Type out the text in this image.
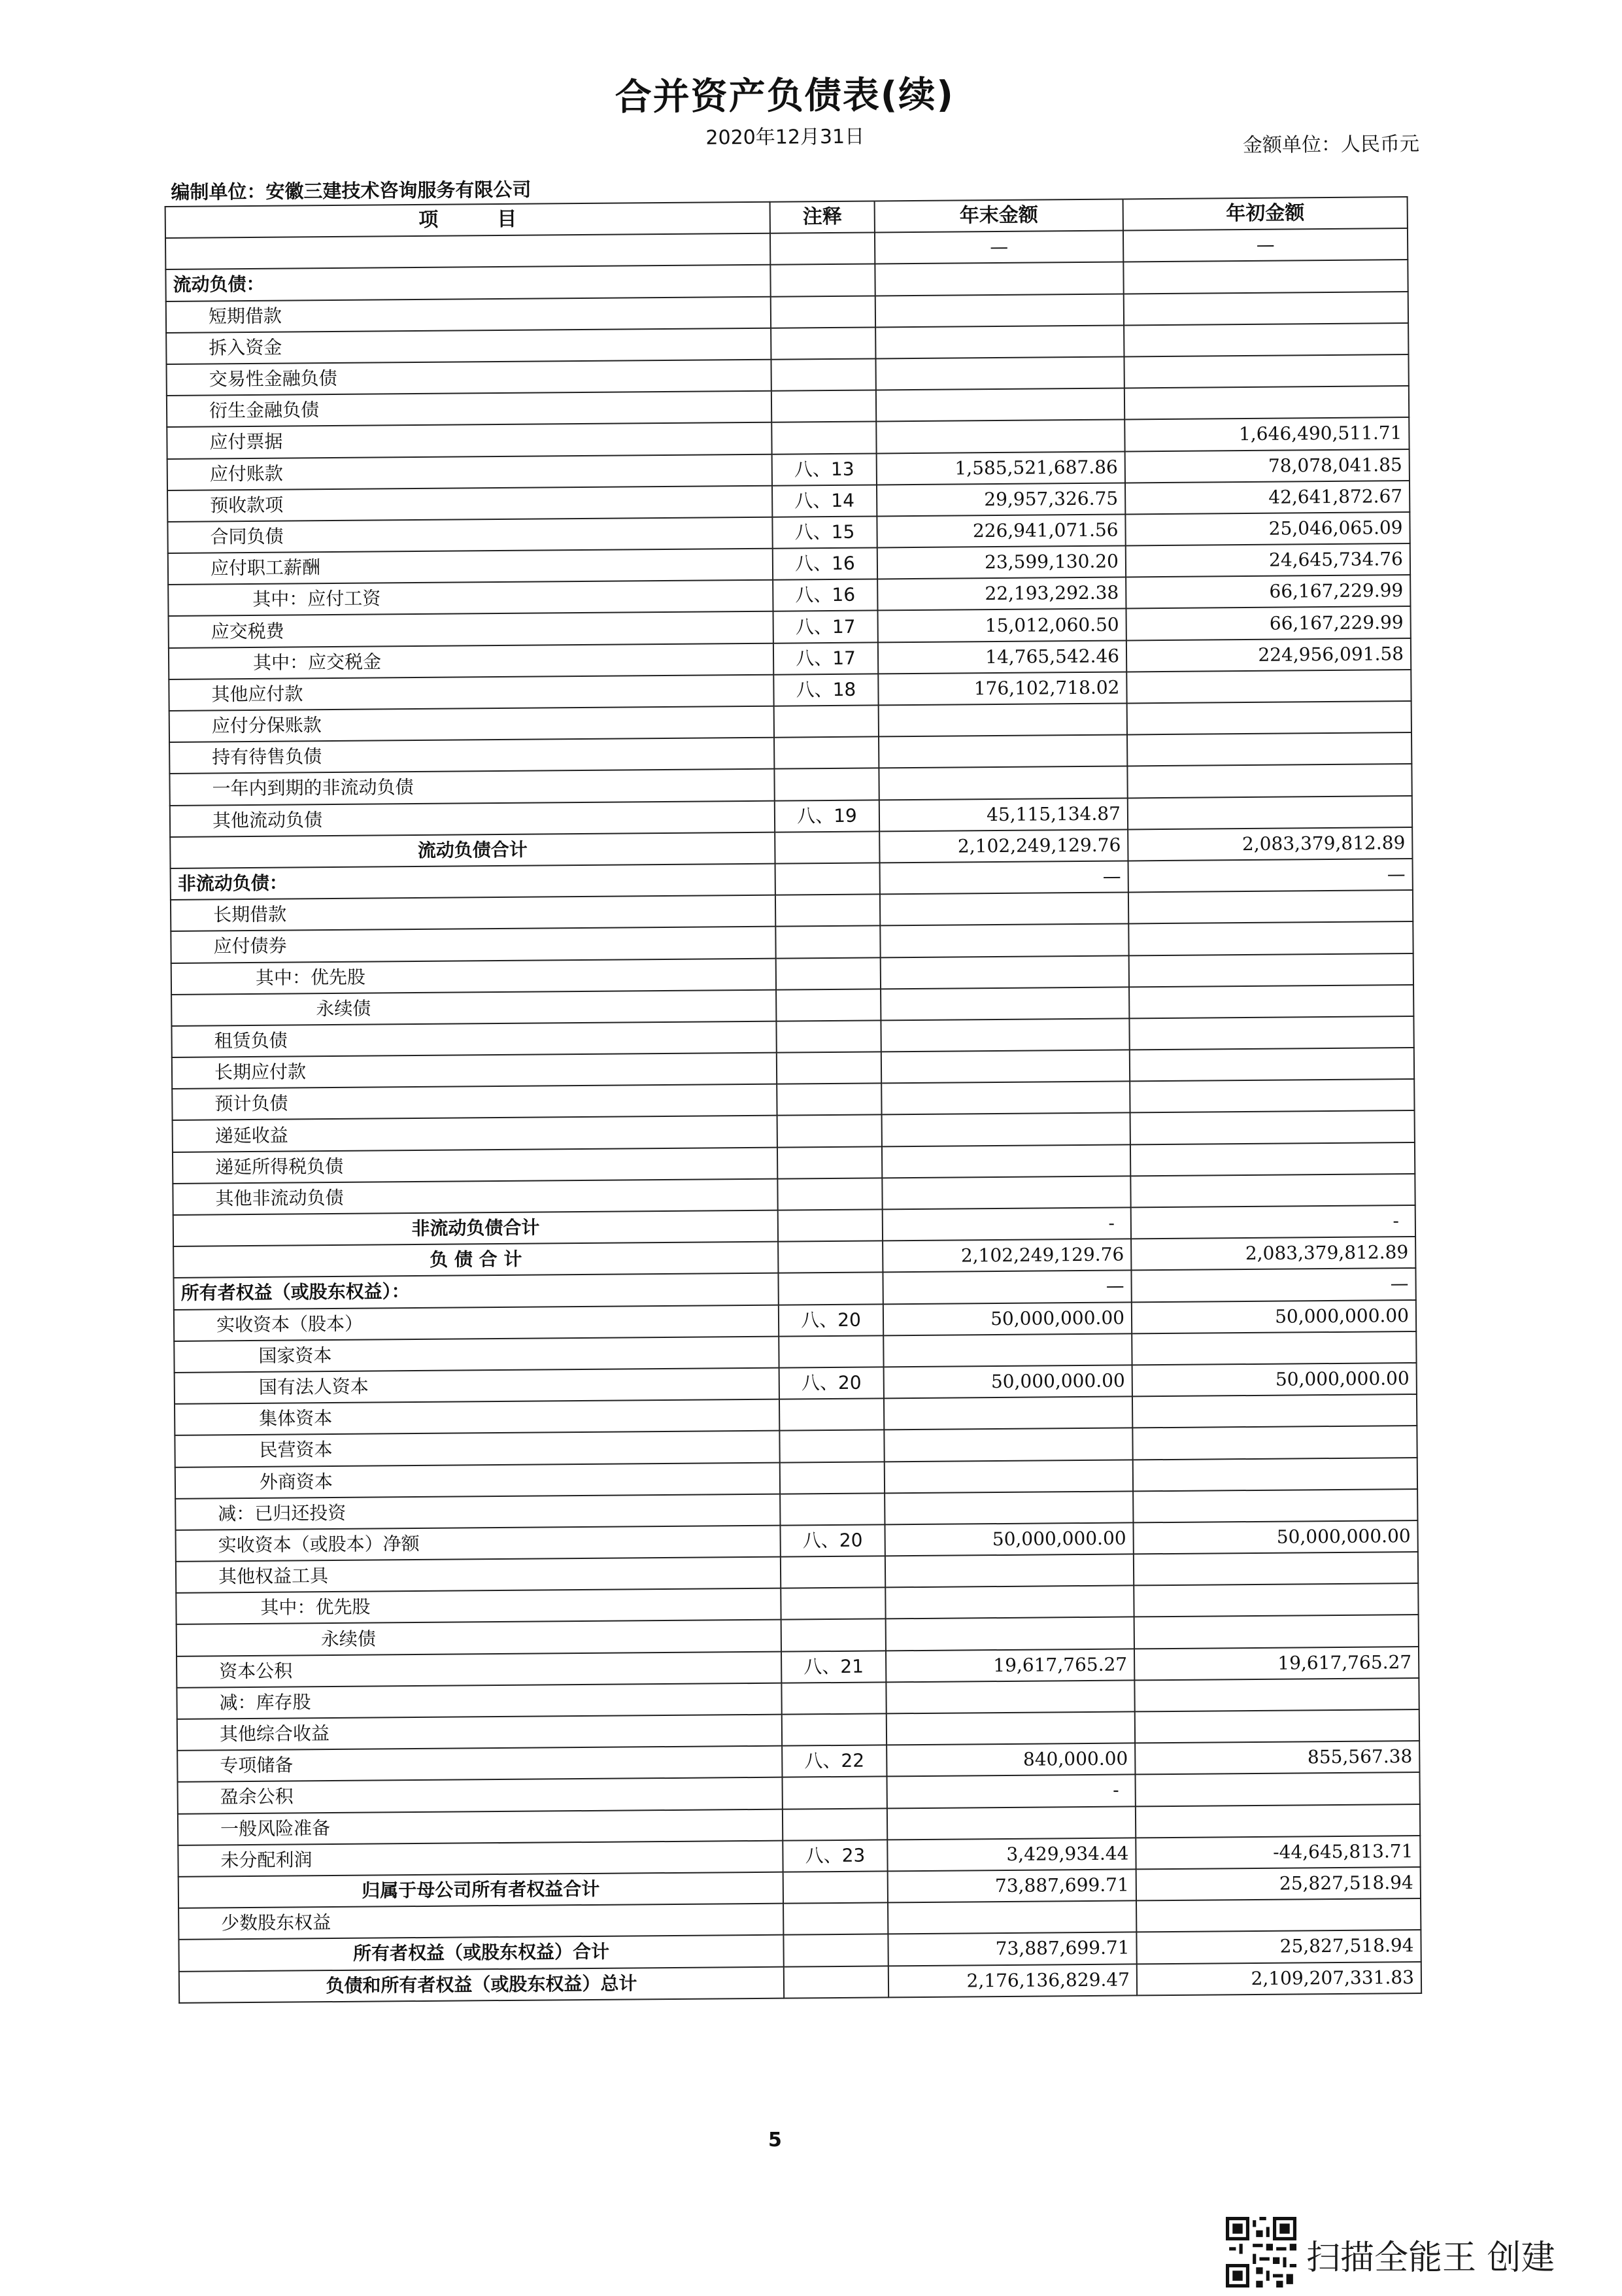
合并资产负债表(续)
2020年12月31日	金额单位：人民币元
编制单位：安徽三建技术咨询服务有限公司
项　　　目	注释	年末金额	年初金额
		—	—
流动负债：			
短期借款			
拆入资金			
交易性金融负债			
衍生金融负债			
应付票据			1,646,490,511.71
应付账款	八、13	1,585,521,687.86	78,078,041.85
预收款项	八、14	29,957,326.75	42,641,872.67
合同负债	八、15	226,941,071.56	25,046,065.09
应付职工薪酬	八、16	23,599,130.20	24,645,734.76
其中：应付工资	八、16	22,193,292.38	66,167,229.99
应交税费	八、17	15,012,060.50	66,167,229.99
其中：应交税金	八、17	14,765,542.46	224,956,091.58
其他应付款	八、18	176,102,718.02	
应付分保账款			
持有待售负债			
一年内到期的非流动负债			
其他流动负债	八、19	45,115,134.87	
流动负债合计		2,102,249,129.76	2,083,379,812.89
非流动负债：		—	—
长期借款			
应付债券			
其中：优先股			
永续债			
租赁负债			
长期应付款			
预计负债			
递延收益			
递延所得税负债			
其他非流动负债			
非流动负债合计		-	-
负 债 合 计		2,102,249,129.76	2,083,379,812.89
所有者权益（或股东权益）：		—	—
实收资本（股本）	八、20	50,000,000.00	50,000,000.00
国家资本			
国有法人资本	八、20	50,000,000.00	50,000,000.00
集体资本			
民营资本			
外商资本			
减：已归还投资			
实收资本（或股本）净额	八、20	50,000,000.00	50,000,000.00
其他权益工具			
其中：优先股			
永续债			
资本公积	八、21	19,617,765.27	19,617,765.27
减：库存股			
其他综合收益			
专项储备	八、22	840,000.00	855,567.38
盈余公积		-	
一般风险准备			
未分配利润	八、23	3,429,934.44	-44,645,813.71
归属于母公司所有者权益合计		73,887,699.71	25,827,518.94
少数股东权益			
所有者权益（或股东权益）合计		73,887,699.71	25,827,518.94
负债和所有者权益（或股东权益）总计		2,176,136,829.47	2,109,207,331.83
5
扫描全能王 创建
